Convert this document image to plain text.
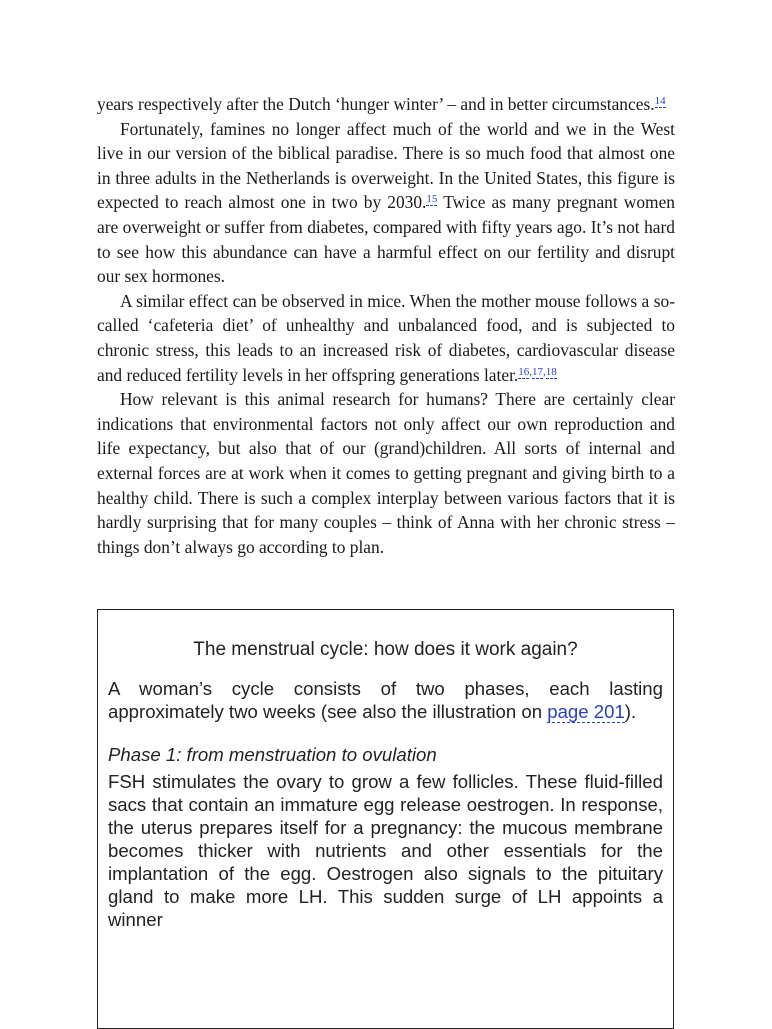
years respectively after the Dutch ‘hunger winter’ – and in better circumstances.$^{14}$

Fortunately, famines no longer affect much of the world and we in the West live in our version of the biblical paradise. There is so much food that almost one in three adults in the Netherlands is overweight. In the United States, this figure is expected to reach almost one in two by 2030.15 Twice as many pregnant women are overweight or suffer from diabetes, compared with fifty years ago. It’s not hard to see how this abundance can have a harmful effect on our fertility and disrupt our sex hormones.

A similar effect can be observed in mice. When the mother mouse follows a so-called ‘cafeteria diet’ of unhealthy and unbalanced food, and is subjected to chronic stress, this leads to an increased risk of diabetes, cardiovascular disease and reduced fertility levels in her offspring generations later.$^{16,17,18}$

How relevant is this animal research for humans? There are certainly clear indications that environmental factors not only affect our own reproduction and life expectancy, but also that of our (grand)children. All sorts of internal and external forces are at work when it comes to getting pregnant and giving birth to a healthy child. There is such a complex interplay between various factors that it is hardly surprising that for many couples – think of Anna with her chronic stress – things don’t always go according to plan.

The menstrual cycle: how does it work again?

A woman’s cycle consists of two phases, each lasting approximately two weeks (see also the illustration on page 201).

Phase 1: from menstruation to ovulation

FSH stimulates the ovary to grow a few follicles. These fluid-filled sacs that contain an immature egg release oestrogen. In response, the uterus prepares itself for a pregnancy: the mucous membrane becomes thicker with nutrients and other essentials for the implantation of the egg. Oestrogen also signals to the pituitary gland to make more LH. This sudden surge of LH appoints a winner
